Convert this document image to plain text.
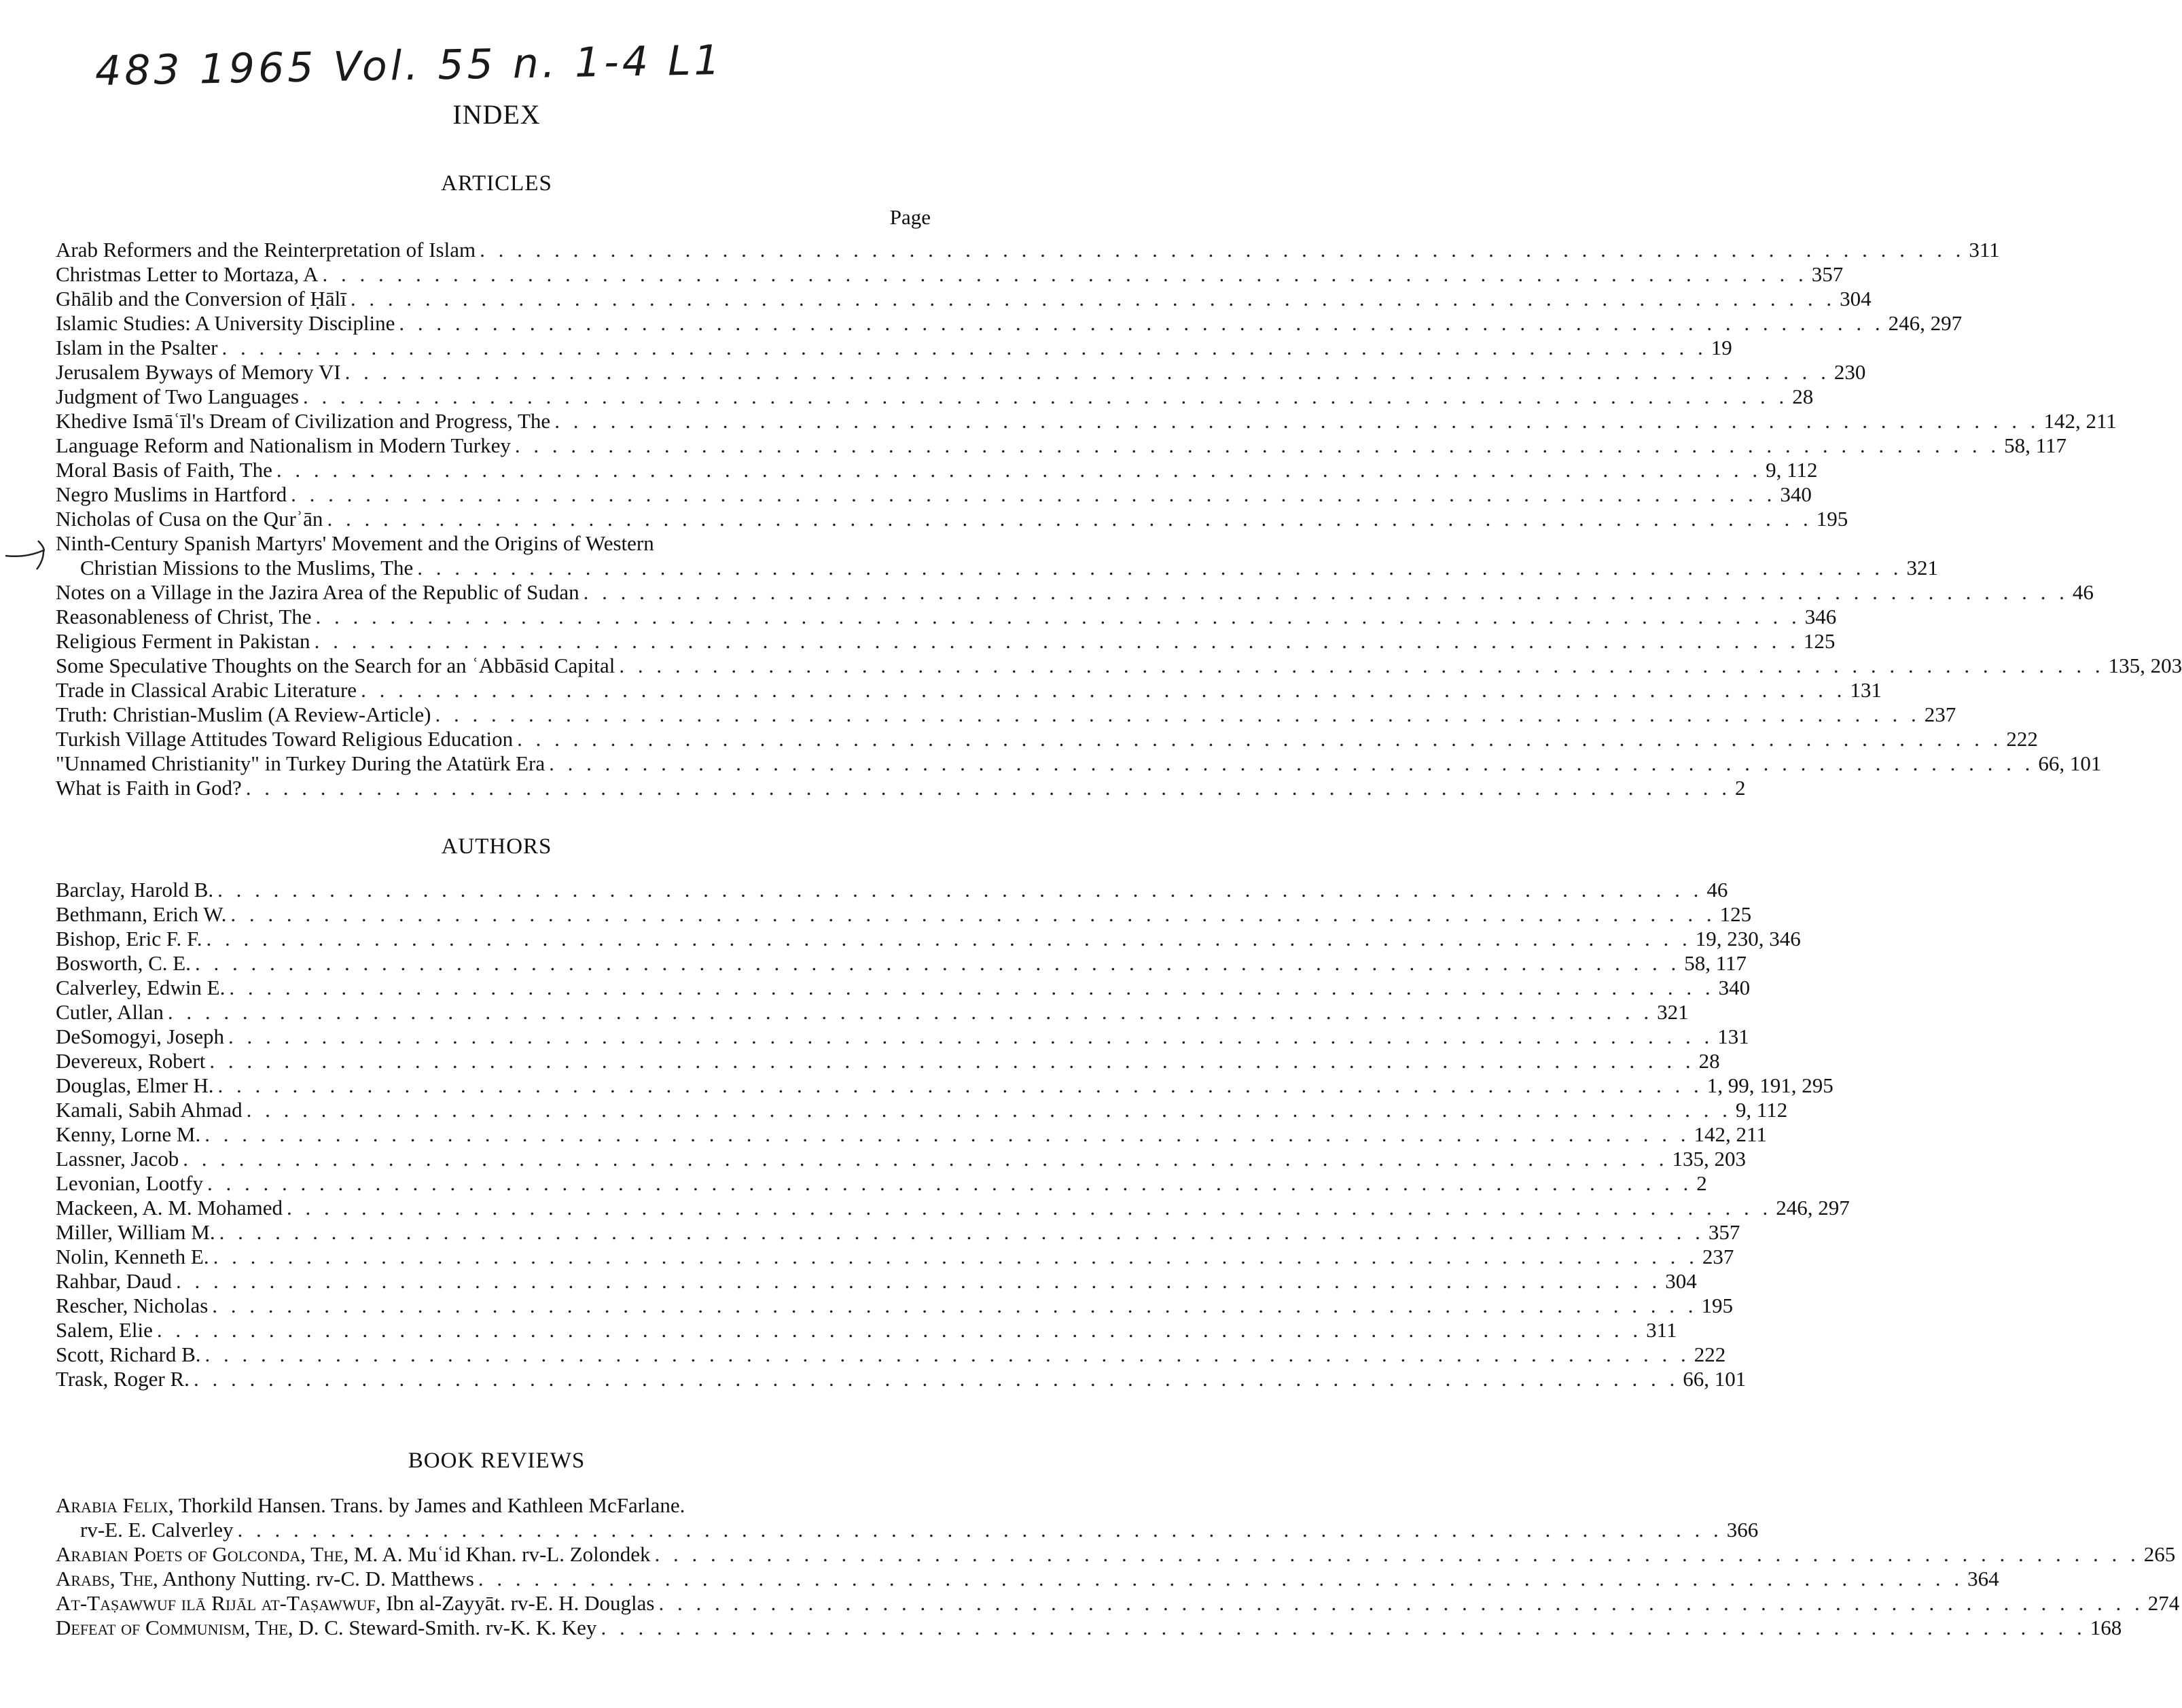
483 1965 Vol. 55 n. 1-4 L1
INDEX
ARTICLES
Page
Arab Reformers and the Reinterpretation of Islam . . .	311
Christmas Letter to Mortaza, A . . .	357
Ghālib and the Conversion of Ḥālī . . .	304
Islamic Studies: A University Discipline . . .	246, 297
Islam in the Psalter . . .	19
Jerusalem Byways of Memory VI . . .	230
Judgment of Two Languages . . .	28
Khedive Ismāʿīl's Dream of Civilization and Progress, The . . .	142, 211
Language Reform and Nationalism in Modern Turkey . . .	58, 117
Moral Basis of Faith, The . . .	9, 112
Negro Muslims in Hartford . . .	340
Nicholas of Cusa on the Qurʾān . . .	195
Ninth-Century Spanish Martyrs' Movement and the Origins of Western
Christian Missions to the Muslims, The . . .	321
Notes on a Village in the Jazira Area of the Republic of Sudan . . .	46
Reasonableness of Christ, The . . .	346
Religious Ferment in Pakistan . . .	125
Some Speculative Thoughts on the Search for an ʿAbbāsid Capital . . .	135, 203
Trade in Classical Arabic Literature . . .	131
Truth: Christian-Muslim (A Review-Article) . . .	237
Turkish Village Attitudes Toward Religious Education . . .	222
"Unnamed Christianity" in Turkey During the Atatürk Era . . .	66, 101
What is Faith in God? . . .	2
AUTHORS
Barclay, Harold B. . . .	46
Bethmann, Erich W. . . .	125
Bishop, Eric F. F. . . .	19, 230, 346
Bosworth, C. E. . . .	58, 117
Calverley, Edwin E. . . .	340
Cutler, Allan . . .	321
DeSomogyi, Joseph . . .	131
Devereux, Robert . . .	28
Douglas, Elmer H. . . .	1, 99, 191, 295
Kamali, Sabih Ahmad . . .	9, 112
Kenny, Lorne M. . . .	142, 211
Lassner, Jacob . . .	135, 203
Levonian, Lootfy . . .	2
Mackeen, A. M. Mohamed . . .	246, 297
Miller, William M. . . .	357
Nolin, Kenneth E. . . .	237
Rahbar, Daud . . .	304
Rescher, Nicholas . . .	195
Salem, Elie . . .	311
Scott, Richard B. . . .	222
Trask, Roger R. . . .	66, 101
BOOK REVIEWS
Arabia Felix, Thorkild Hansen. Trans. by James and Kathleen McFarlane.
rv-E. E. Calverley . . .	366
Arabian Poets of Golconda, The, M. A. Muʿid Khan. rv-L. Zolondek . . .	265
Arabs, The, Anthony Nutting. rv-C. D. Matthews . . .	364
At-Taṣawwuf ilā Rijāl at-Taṣawwuf, Ibn al-Zayyāt. rv-E. H. Douglas . . .	274
Defeat of Communism, The, D. C. Steward-Smith. rv-K. K. Key . . .	168
